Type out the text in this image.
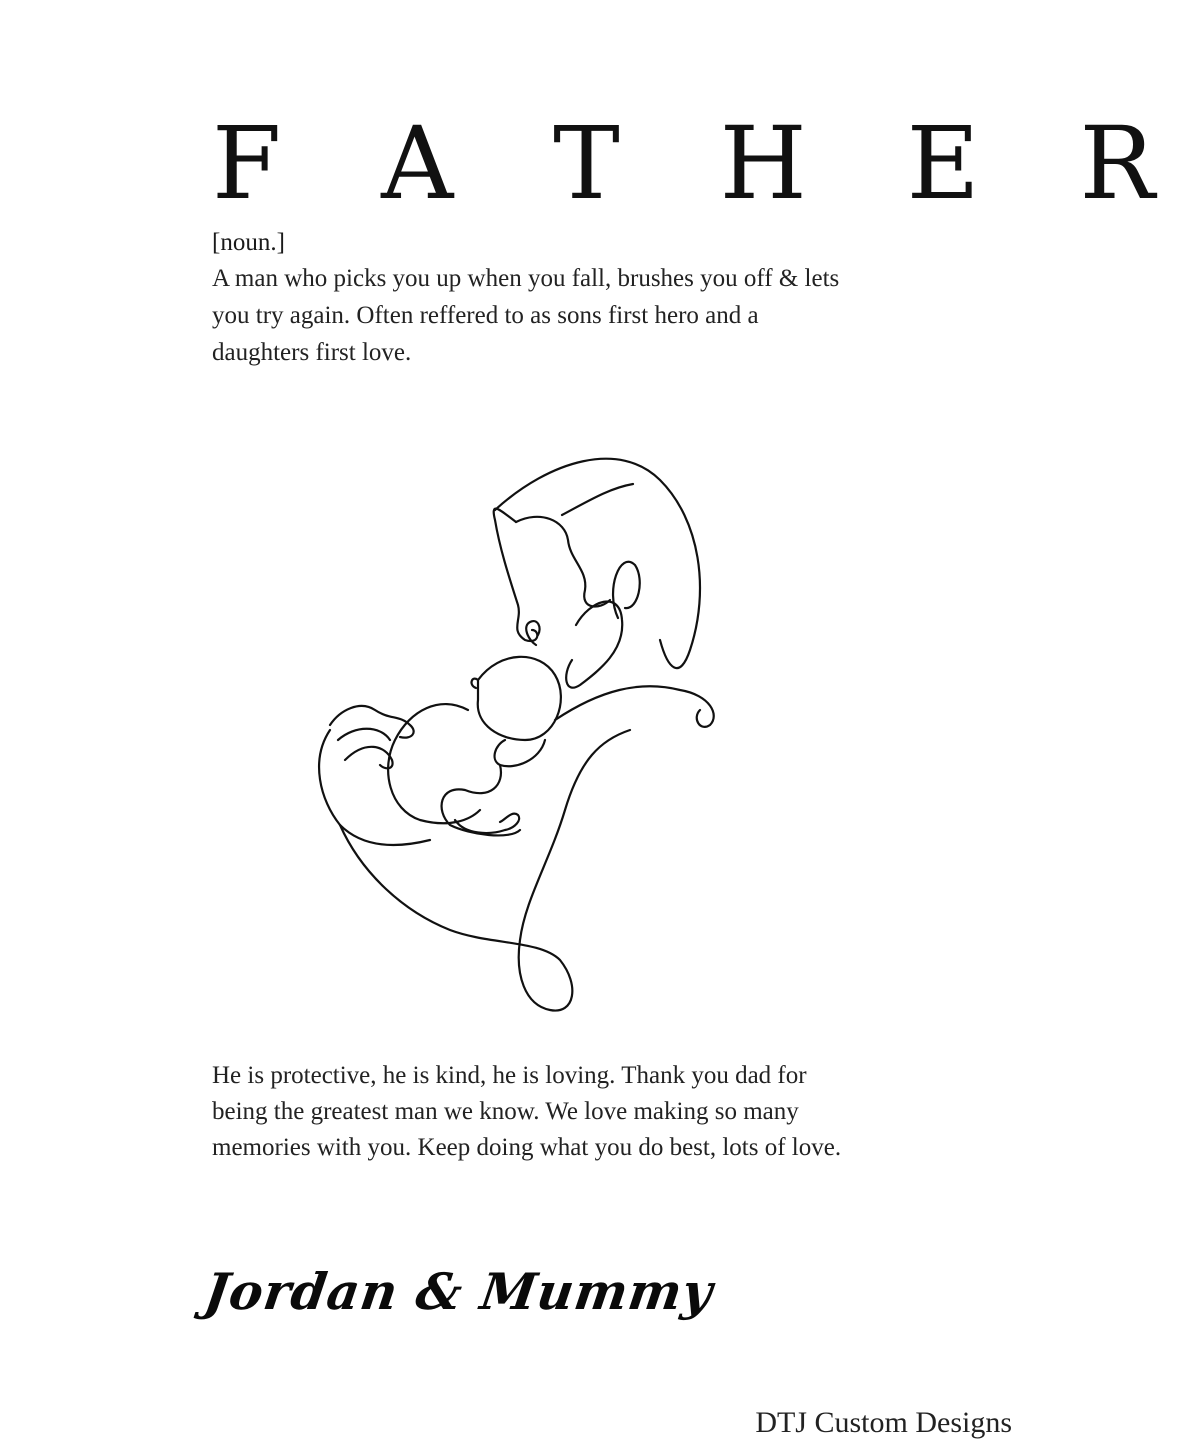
F A T H E R
[noun.]

A man who picks you up when you fall, brushes you off & lets you try again. Often reffered to as sons first hero and a daughters first love.

He is protective, he is kind, he is loving. Thank you dad for being the greatest man we know. We love making so many memories with you. Keep doing what you do best, lots of love.

Jordan & Mummy
DTJ Custom Designs
